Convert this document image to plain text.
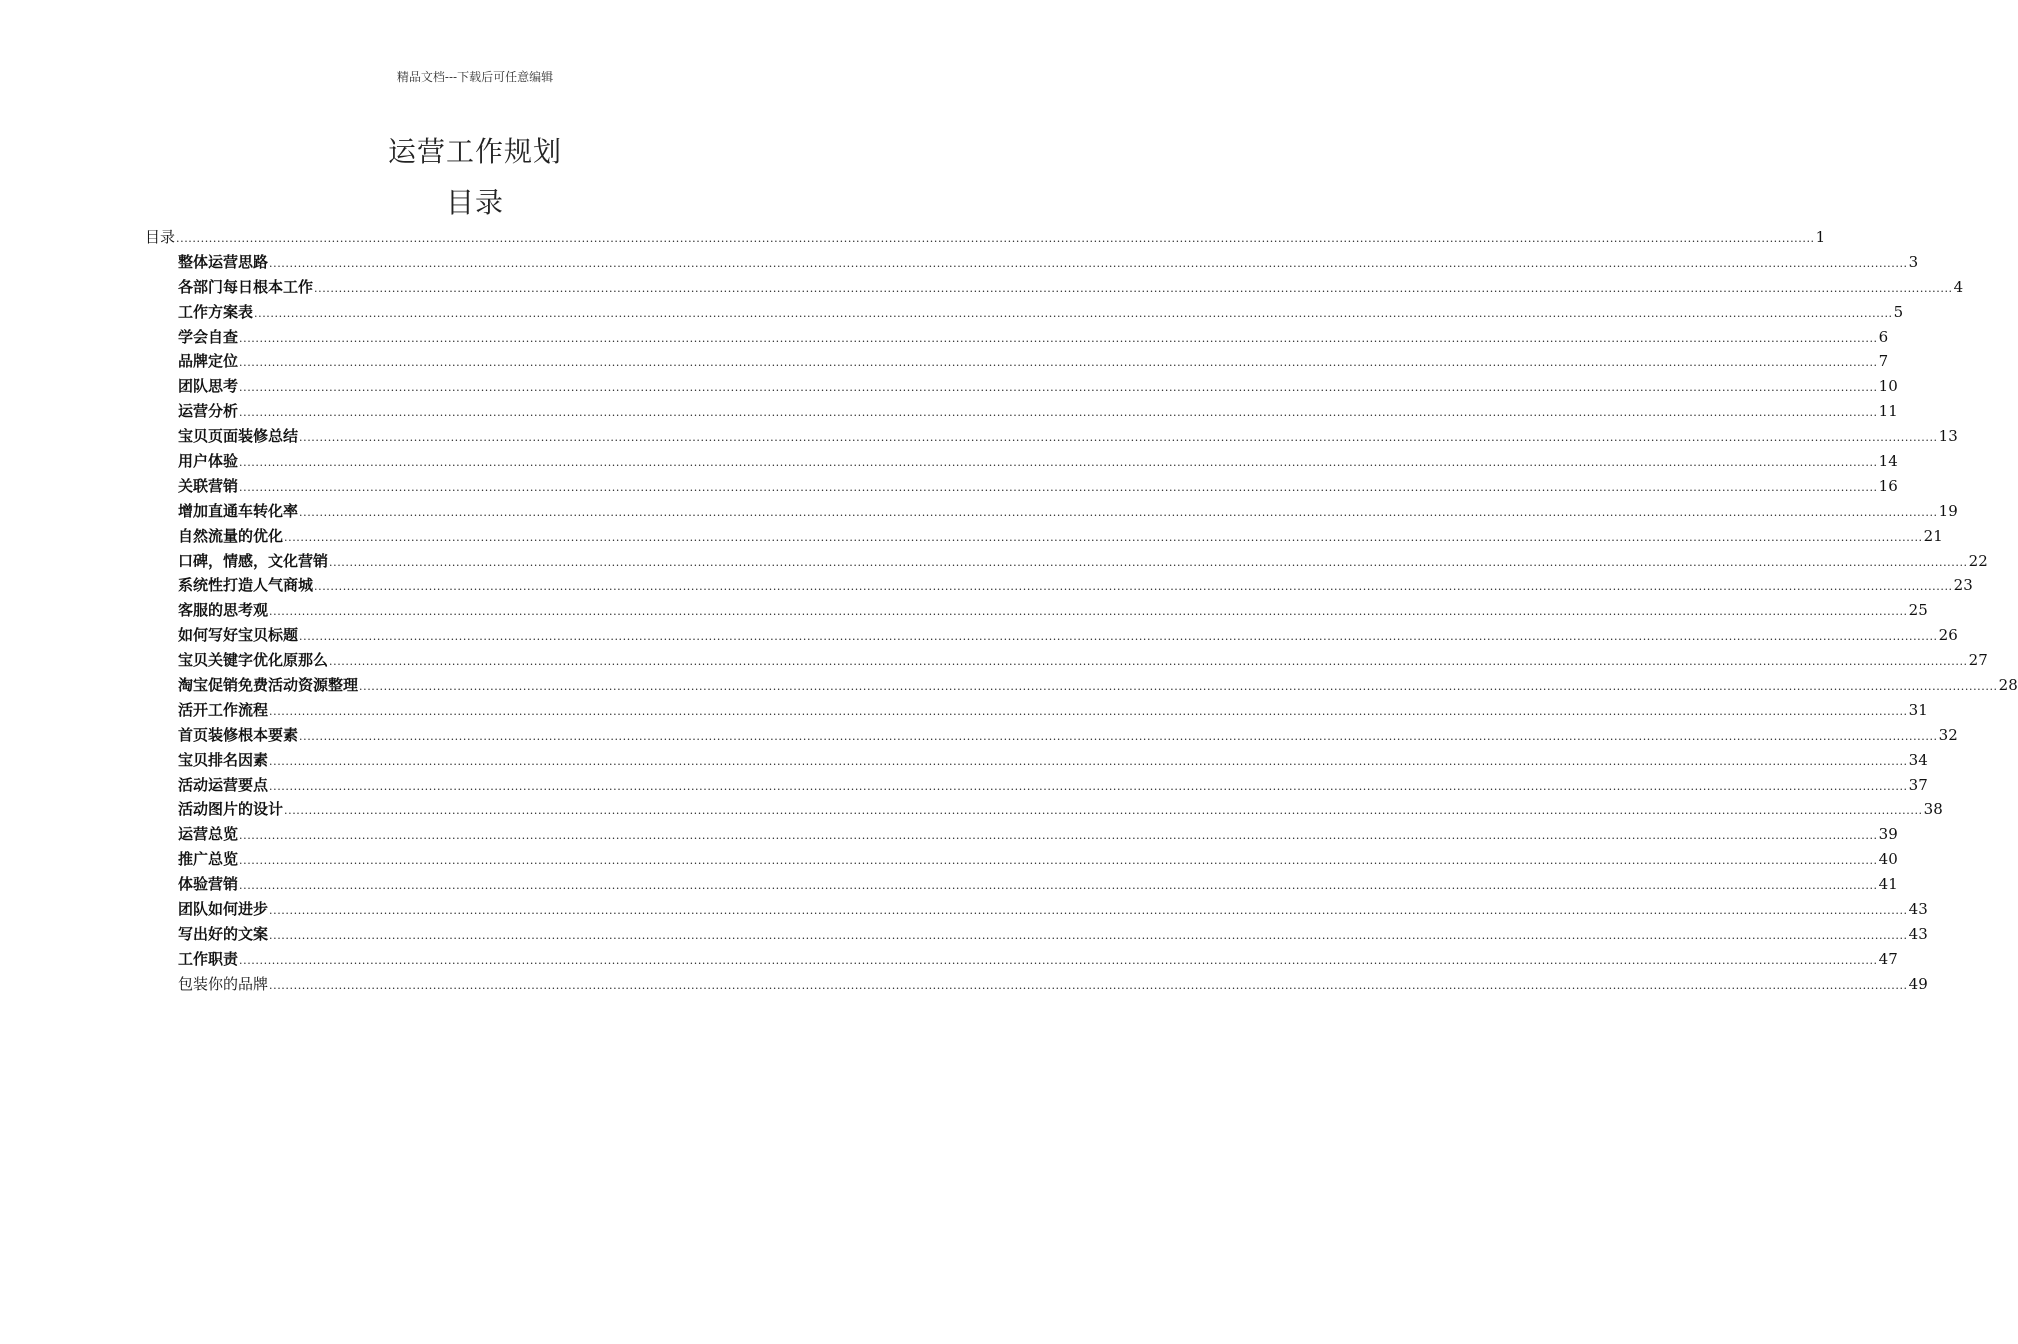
精品文档---下载后可任意编辑
运营工作规划
目录
目录 ................................................................................................................................................................................................................................................................................................................................................................................................................ 1
整体运营思路 ................................................................................................................................................................................................................................................................................................................................................................................................................ 3
各部门每日根本工作 ................................................................................................................................................................................................................................................................................................................................................................................................................ 4
工作方案表 ................................................................................................................................................................................................................................................................................................................................................................................................................ 5
学会自查 ................................................................................................................................................................................................................................................................................................................................................................................................................ 6
品牌定位 ................................................................................................................................................................................................................................................................................................................................................................................................................ 7
团队思考 ................................................................................................................................................................................................................................................................................................................................................................................................................ 10
运营分析 ................................................................................................................................................................................................................................................................................................................................................................................................................ 11
宝贝页面装修总结 ................................................................................................................................................................................................................................................................................................................................................................................................................ 13
用户体验 ................................................................................................................................................................................................................................................................................................................................................................................................................ 14
关联营销 ................................................................................................................................................................................................................................................................................................................................................................................................................ 16
增加直通车转化率 ................................................................................................................................................................................................................................................................................................................................................................................................................ 19
自然流量的优化 ................................................................................................................................................................................................................................................................................................................................................................................................................ 21
口碑，情感，文化营销 ................................................................................................................................................................................................................................................................................................................................................................................................................ 22
系统性打造人气商城 ................................................................................................................................................................................................................................................................................................................................................................................................................ 23
客服的思考观 ................................................................................................................................................................................................................................................................................................................................................................................................................ 25
如何写好宝贝标题 ................................................................................................................................................................................................................................................................................................................................................................................................................ 26
宝贝关键字优化原那么 ................................................................................................................................................................................................................................................................................................................................................................................................................ 27
淘宝促销免费活动资源整理 ................................................................................................................................................................................................................................................................................................................................................................................................................ 28
活开工作流程 ................................................................................................................................................................................................................................................................................................................................................................................................................ 31
首页装修根本要素 ................................................................................................................................................................................................................................................................................................................................................................................................................ 32
宝贝排名因素 ................................................................................................................................................................................................................................................................................................................................................................................................................ 34
活动运营要点 ................................................................................................................................................................................................................................................................................................................................................................................................................ 37
活动图片的设计 ................................................................................................................................................................................................................................................................................................................................................................................................................ 38
运营总览 ................................................................................................................................................................................................................................................................................................................................................................................................................ 39
推广总览 ................................................................................................................................................................................................................................................................................................................................................................................................................ 40
体验营销 ................................................................................................................................................................................................................................................................................................................................................................................................................ 41
团队如何进步 ................................................................................................................................................................................................................................................................................................................................................................................................................ 43
写出好的文案 ................................................................................................................................................................................................................................................................................................................................................................................................................ 43
工作职责 ................................................................................................................................................................................................................................................................................................................................................................................................................ 47
包装你的品牌 ................................................................................................................................................................................................................................................................................................................................................................................................................ 49
